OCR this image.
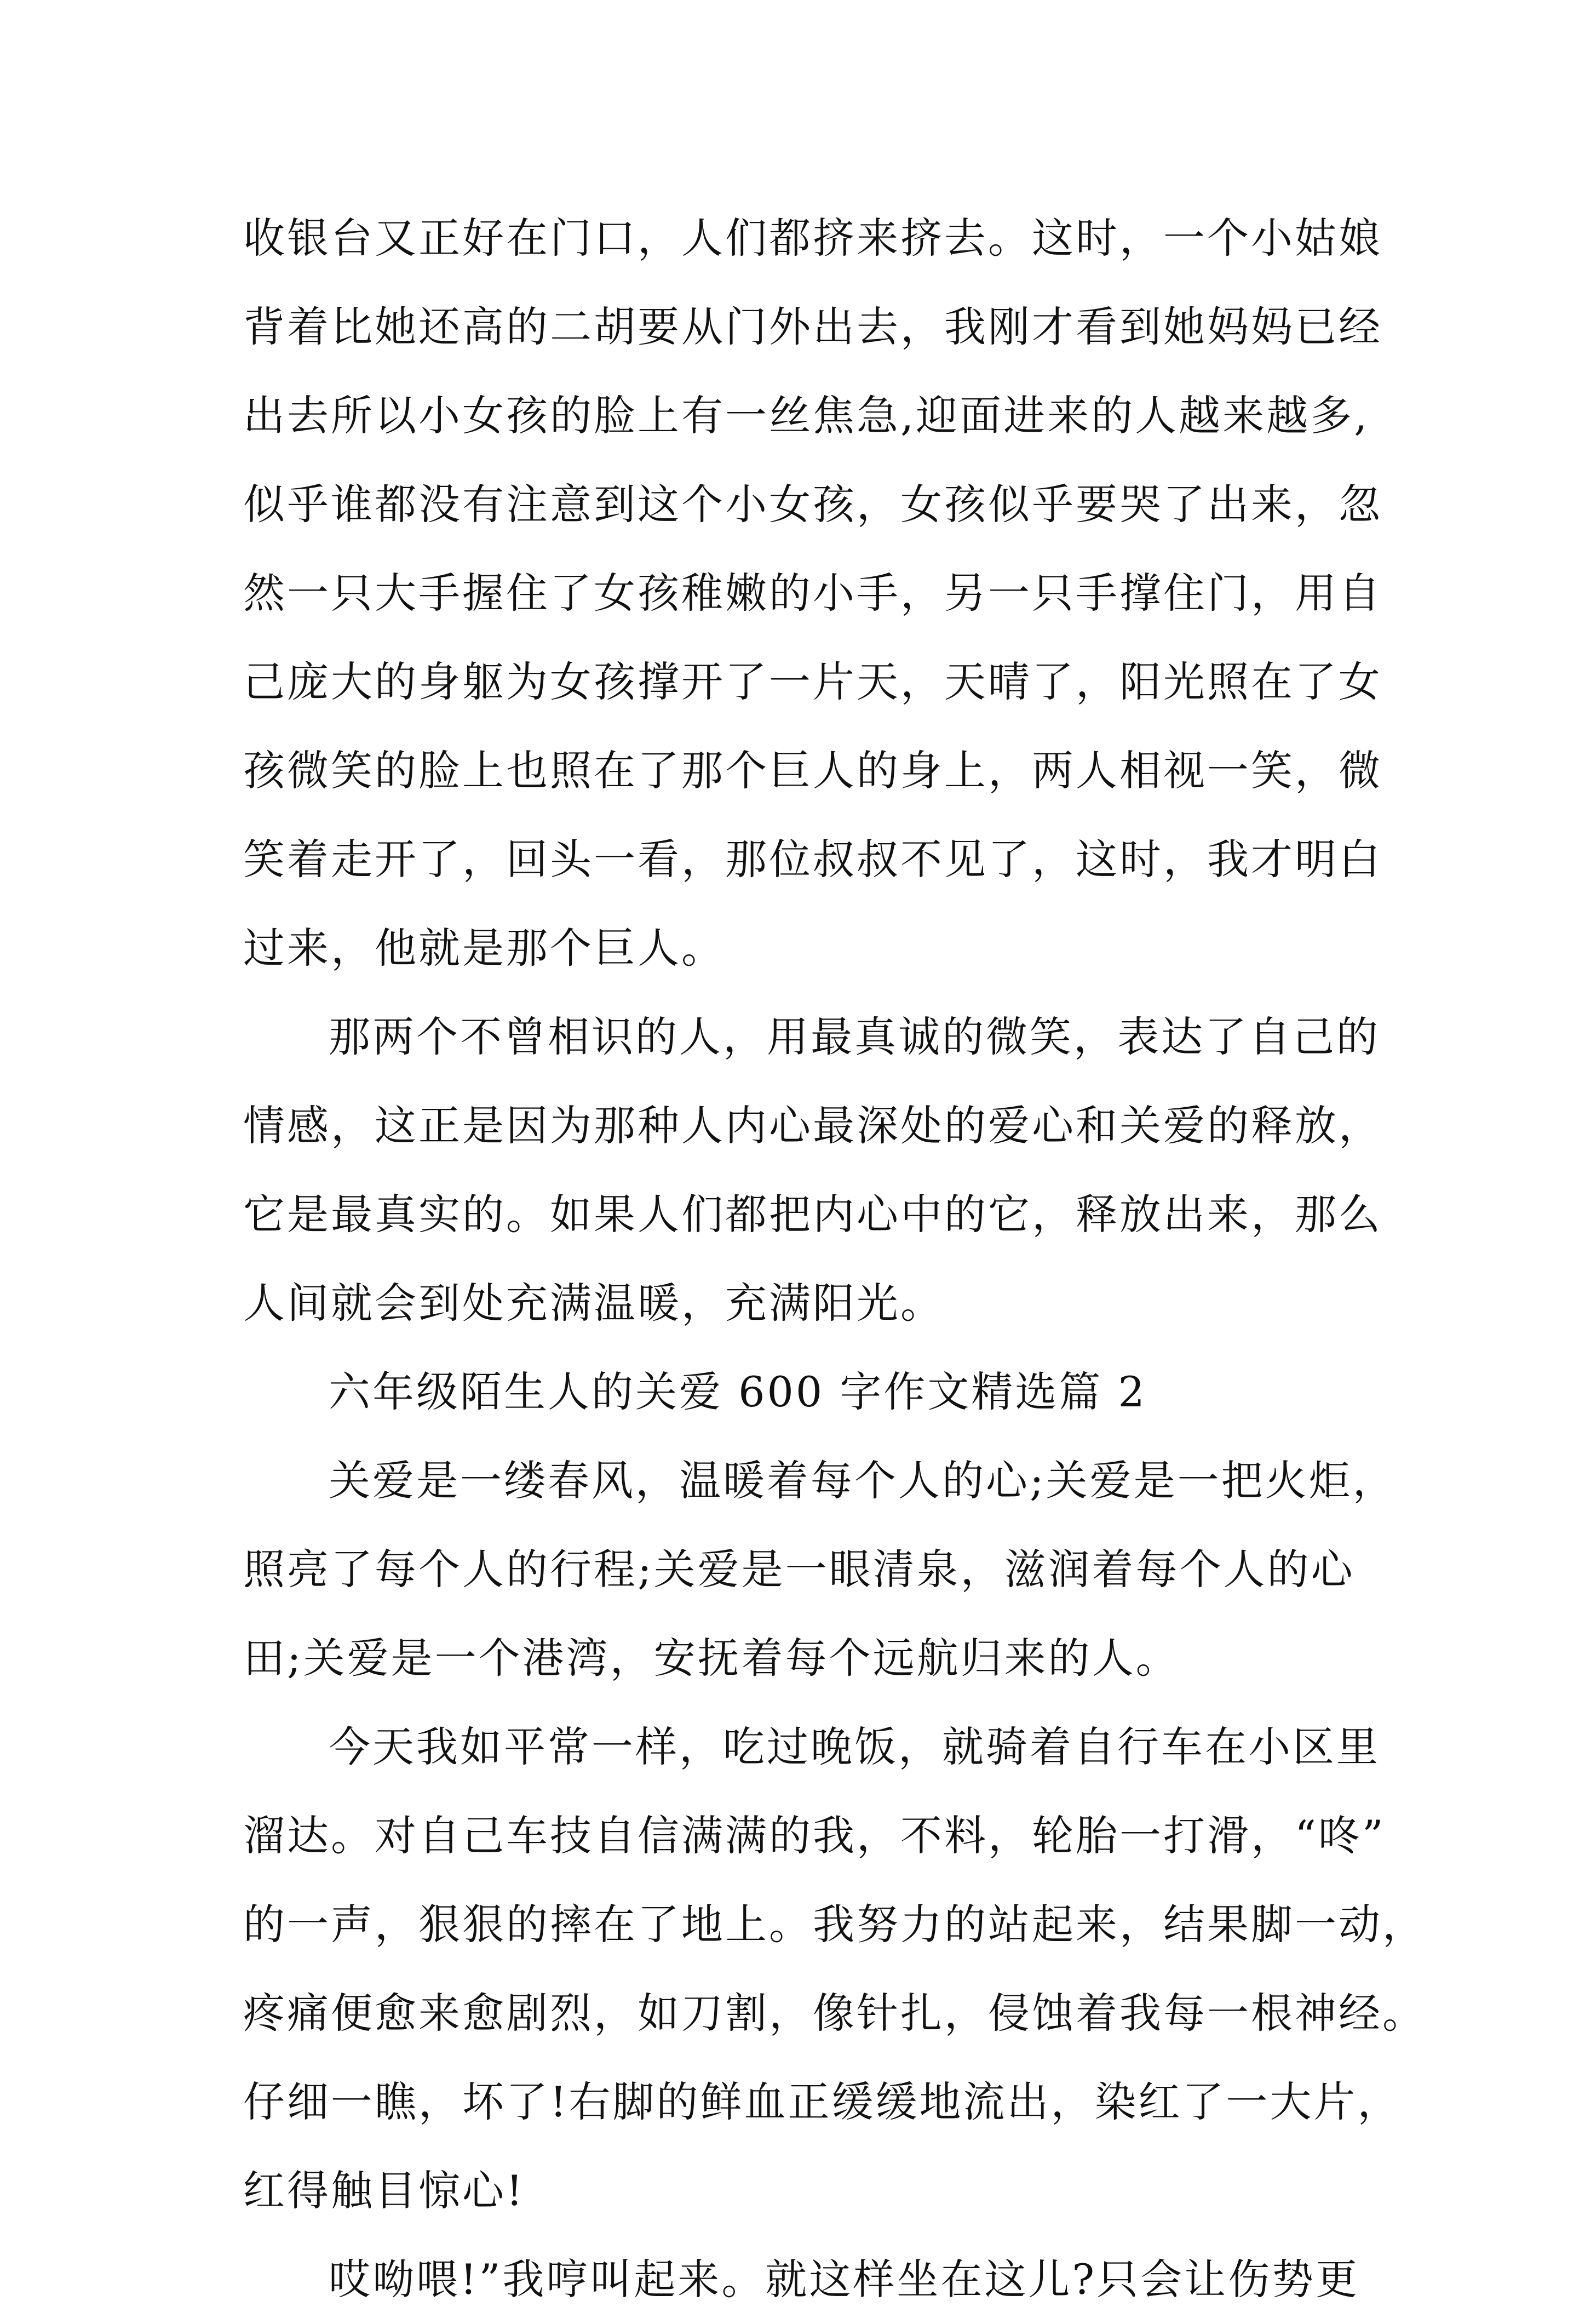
收银台又正好在门口，人们都挤来挤去。这时，一个小姑娘
背着比她还高的二胡要从门外出去，我刚才看到她妈妈已经
出去所以小女孩的脸上有一丝焦急,迎面进来的人越来越多,
似乎谁都没有注意到这个小女孩，女孩似乎要哭了出来，忽
然一只大手握住了女孩稚嫩的小手，另一只手撑住门，用自
己庞大的身躯为女孩撑开了一片天，天晴了，阳光照在了女
孩微笑的脸上也照在了那个巨人的身上，两人相视一笑，微
笑着走开了，回头一看，那位叔叔不见了，这时，我才明白
过来，他就是那个巨人。
那两个不曾相识的人，用最真诚的微笑，表达了自己的
情感，这正是因为那种人内心最深处的爱心和关爱的释放，
它是最真实的。如果人们都把内心中的它，释放出来，那么
人间就会到处充满温暖，充满阳光。
六年级陌生人的关爱 600 字作文精选篇 2
关爱是一缕春风，温暖着每个人的心;关爱是一把火炬，
照亮了每个人的行程;关爱是一眼清泉，滋润着每个人的心
田;关爱是一个港湾，安抚着每个远航归来的人。
今天我如平常一样，吃过晚饭，就骑着自行车在小区里
溜达。对自己车技自信满满的我，不料，轮胎一打滑，“咚”
的一声，狠狠的摔在了地上。我努力的站起来，结果脚一动，
疼痛便愈来愈剧烈，如刀割，像针扎，侵蚀着我每一根神经。
仔细一瞧，坏了!右脚的鲜血正缓缓地流出，染红了一大片，
红得触目惊心!
哎呦喂!”我哼叫起来。就这样坐在这儿?只会让伤势更
